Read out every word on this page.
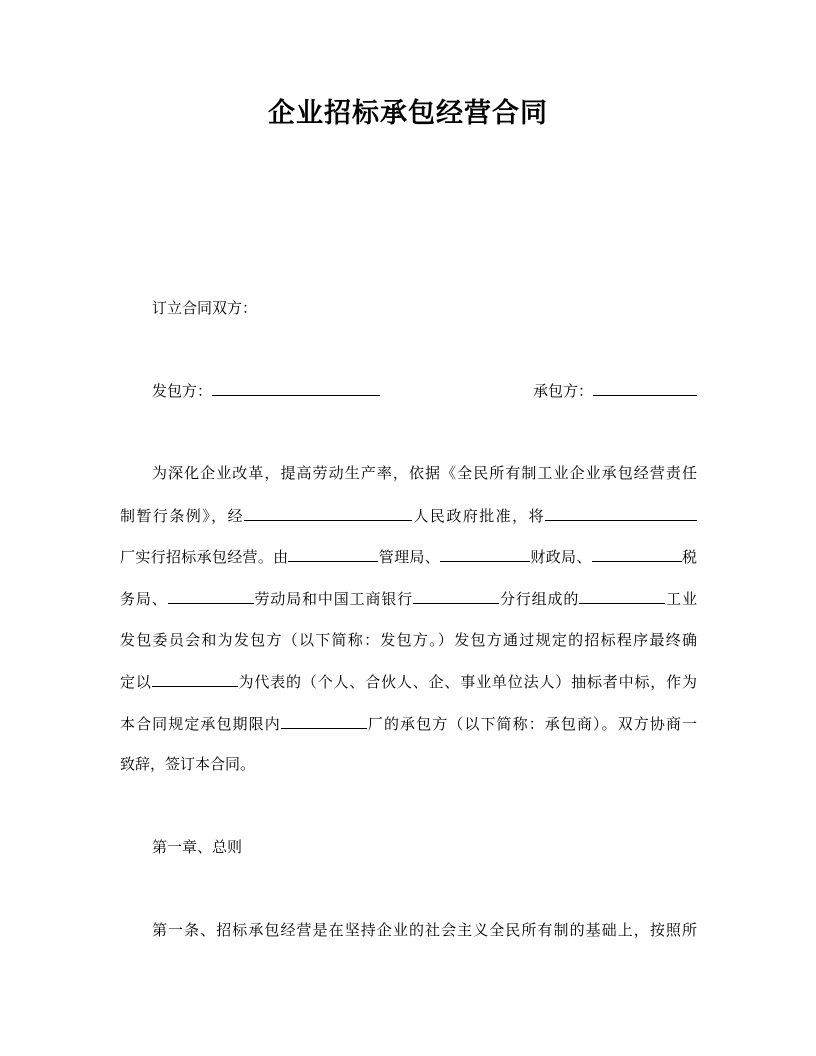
企业招标承包经营合同
订立合同双方：
发包方：	承包方：
为深化企业改革，提高劳动生产率，依据《全民所有制工业企业承包经营责任
制暂行条例》，经	人民政府批准，将
厂实行招标承包经营。由	管理局、	财政局、	税
务局、	劳动局和中国工商银行	分行组成的	工业
发包委员会和为发包方（以下简称：发包方。）发包方通过规定的招标程序最终确
定以	为代表的（个人、合伙人、企、事业单位法人）抽标者中标，作为
本合同规定承包期限内	厂的承包方（以下简称：承包商）。双方协商一
致辞，签订本合同。
第一章、总则
第一条、招标承包经营是在坚持企业的社会主义全民所有制的基础上，按照所
